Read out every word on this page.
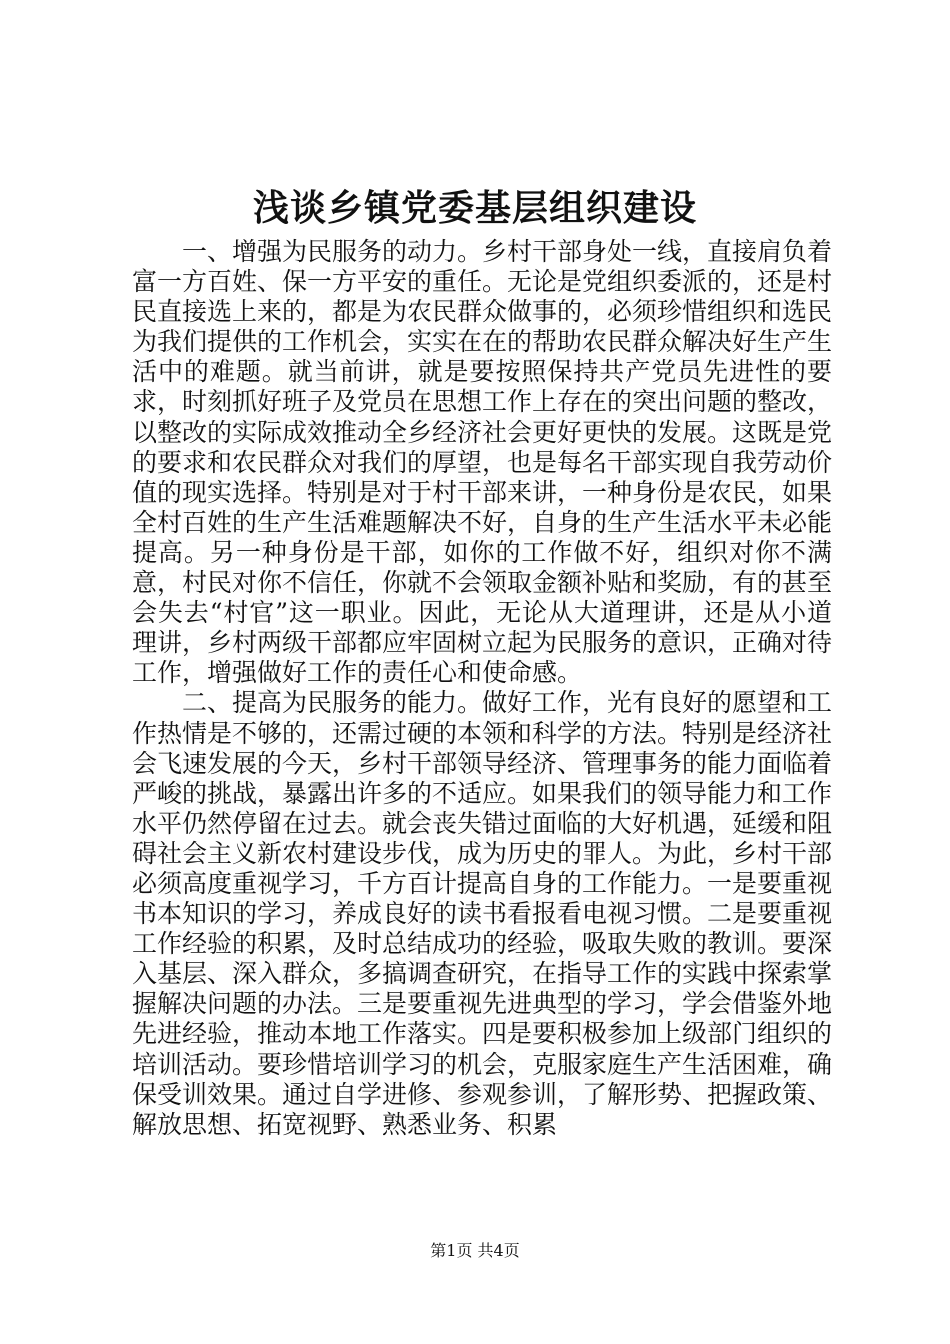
浅谈乡镇党委基层组织建设

一、增强为民服务的动力。乡村干部身处一线，直接肩负着富一方百姓、保一方平安的重任。无论是党组织委派的，还是村民直接选上来的，都是为农民群众做事的，必须珍惜组织和选民为我们提供的工作机会，实实在在的帮助农民群众解决好生产生活中的难题。就当前讲，就是要按照保持共产党员先进性的要求，时刻抓好班子及党员在思想工作上存在的突出问题的整改，以整改的实际成效推动全乡经济社会更好更快的发展。这既是党的要求和农民群众对我们的厚望，也是每名干部实现自我劳动价值的现实选择。特别是对于村干部来讲，一种身份是农民，如果全村百姓的生产生活难题解决不好，自身的生产生活水平未必能提高。另一种身份是干部，如你的工作做不好，组织对你不满意，村民对你不信任，你就不会领取金额补贴和奖励，有的甚至会失去“村官”这一职业。因此，无论从大道理讲，还是从小道理讲，乡村两级干部都应牢固树立起为民服务的意识，正确对待工作，增强做好工作的责任心和使命感。

二、提高为民服务的能力。做好工作，光有良好的愿望和工作热情是不够的，还需过硬的本领和科学的方法。特别是经济社会飞速发展的今天，乡村干部领导经济、管理事务的能力面临着严峻的挑战，暴露出许多的不适应。如果我们的领导能力和工作水平仍然停留在过去。就会丧失错过面临的大好机遇，延缓和阻碍社会主义新农村建设步伐，成为历史的罪人。为此，乡村干部必须高度重视学习，千方百计提高自身的工作能力。一是要重视书本知识的学习，养成良好的读书看报看电视习惯。二是要重视工作经验的积累，及时总结成功的经验，吸取失败的教训。要深入基层、深入群众，多搞调查研究，在指导工作的实践中探索掌握解决问题的办法。三是要重视先进典型的学习，学会借鉴外地先进经验，推动本地工作落实。四是要积极参加上级部门组织的培训活动。要珍惜培训学习的机会，克服家庭生产生活困难，确保受训效果。通过自学进修、参观参训，了解形势、把握政策、解放思想、拓宽视野、熟悉业务、积累

第1页 共4页
